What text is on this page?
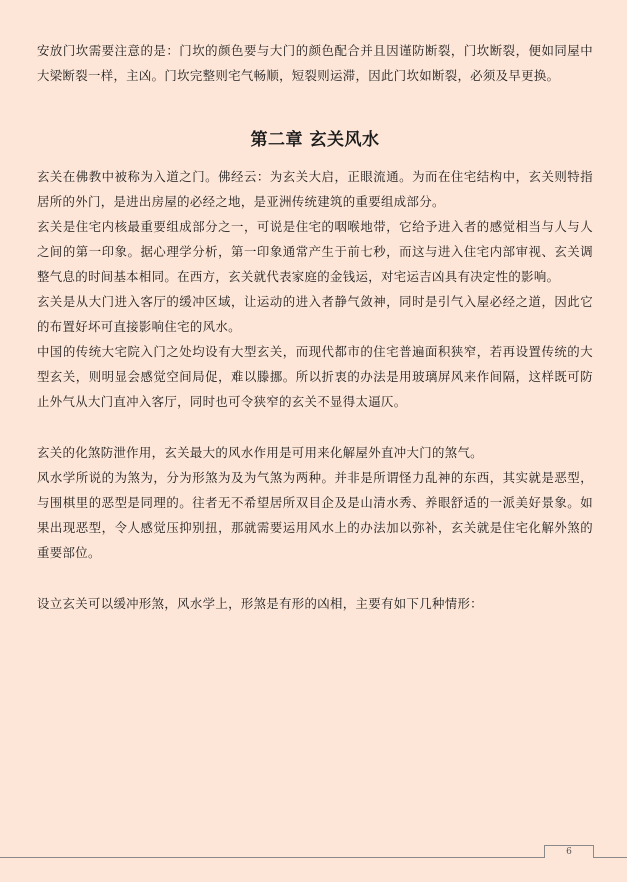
安放门坎需要注意的是：门坎的颜色要与大门的颜色配合并且因谨防断裂，门坎断裂，便如同屋中大梁断裂一样，主凶。门坎完整则宅气畅顺，短裂则运滞，因此门坎如断裂，必须及早更换。

第二章 玄关风水

玄关在佛教中被称为入道之门。佛经云：为玄关大启，正眼流通。为而在住宅结构中，玄关则特指居所的外门，是进出房屋的必经之地，是亚洲传统建筑的重要组成部分。

玄关是住宅内核最重要组成部分之一，可说是住宅的咽喉地带，它给予进入者的感觉相当与人与人之间的第一印象。据心理学分析，第一印象通常产生于前七秒，而这与进入住宅内部审视、玄关调整气息的时间基本相同。在西方，玄关就代表家庭的金钱运，对宅运吉凶具有决定性的影响。

玄关是从大门进入客厅的缓冲区域，让运动的进入者静气敛神，同时是引气入屋必经之道，因此它的布置好坏可直接影响住宅的风水。

中国的传统大宅院入门之处均设有大型玄关，而现代都市的住宅普遍面积狭窄，若再设置传统的大型玄关，则明显会感觉空间局促，难以滕挪。所以折衷的办法是用玻璃屏风来作间隔，这样既可防止外气从大门直冲入客厅，同时也可令狭窄的玄关不显得太逼仄。

玄关的化煞防泄作用，玄关最大的风水作用是可用来化解屋外直冲大门的煞气。

风水学所说的为煞为，分为形煞为及为气煞为两种。并非是所谓怪力乱神的东西，其实就是恶型，与围棋里的恶型是同理的。往者无不希望居所双目企及是山清水秀、养眼舒适的一派美好景象。如果出现恶型，令人感觉压抑别扭，那就需要运用风水上的办法加以弥补，玄关就是住宅化解外煞的重要部位。

设立玄关可以缓冲形煞，风水学上，形煞是有形的凶相，主要有如下几种情形：

6
